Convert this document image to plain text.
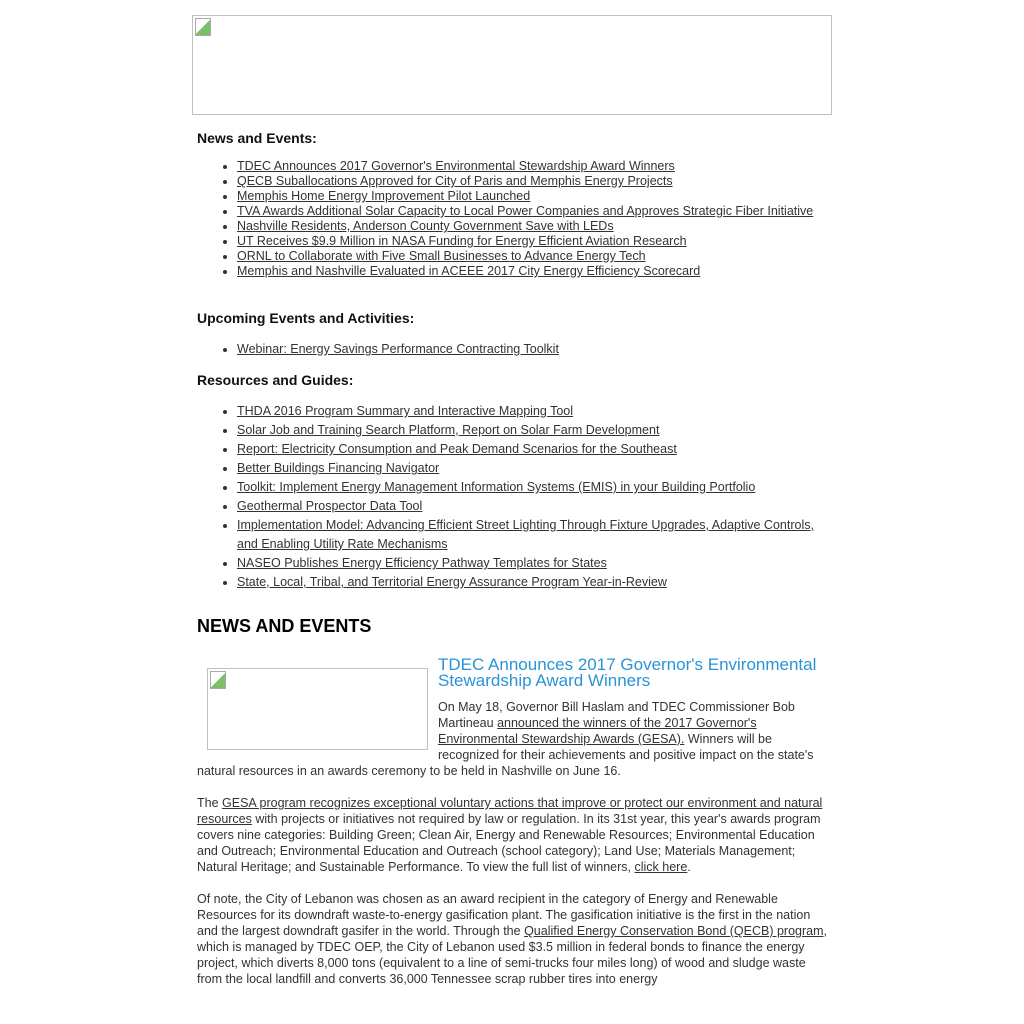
News and Events:
• TDEC Announces 2017 Governor's Environmental Stewardship Award Winners
• QECB Suballocations Approved for City of Paris and Memphis Energy Projects
• Memphis Home Energy Improvement Pilot Launched
• TVA Awards Additional Solar Capacity to Local Power Companies and Approves Strategic Fiber Initiative
• Nashville Residents, Anderson County Government Save with LEDs
• UT Receives $9.9 Million in NASA Funding for Energy Efficient Aviation Research
• ORNL to Collaborate with Five Small Businesses to Advance Energy Tech
• Memphis and Nashville Evaluated in ACEEE 2017 City Energy Efficiency Scorecard
Upcoming Events and Activities:
• Webinar: Energy Savings Performance Contracting Toolkit
Resources and Guides:
• THDA 2016 Program Summary and Interactive Mapping Tool
• Solar Job and Training Search Platform, Report on Solar Farm Development
• Report: Electricity Consumption and Peak Demand Scenarios for the Southeast
• Better Buildings Financing Navigator
• Toolkit: Implement Energy Management Information Systems (EMIS) in your Building Portfolio
• Geothermal Prospector Data Tool
• Implementation Model: Advancing Efficient Street Lighting Through Fixture Upgrades, Adaptive Controls, and Enabling Utility Rate Mechanisms
• NASEO Publishes Energy Efficiency Pathway Templates for States
• State, Local, Tribal, and Territorial Energy Assurance Program Year-in-Review
NEWS AND EVENTS
TDEC Announces 2017 Governor's Environmental Stewardship Award Winners

On May 18, Governor Bill Haslam and TDEC Commissioner Bob Martineau announced the winners of the 2017 Governor's Environmental Stewardship Awards (GESA). Winners will be recognized for their achievements and positive impact on the state's natural resources in an awards ceremony to be held in Nashville on June 16.

The GESA program recognizes exceptional voluntary actions that improve or protect our environment and natural resources with projects or initiatives not required by law or regulation. In its 31st year, this year's awards program covers nine categories: Building Green; Clean Air, Energy and Renewable Resources; Environmental Education and Outreach; Environmental Education and Outreach (school category); Land Use; Materials Management; Natural Heritage; and Sustainable Performance. To view the full list of winners, click here.

Of note, the City of Lebanon was chosen as an award recipient in the category of Energy and Renewable Resources for its downdraft waste-to-energy gasification plant. The gasification initiative is the first in the nation and the largest downdraft gasifer in the world. Through the Qualified Energy Conservation Bond (QECB) program, which is managed by TDEC OEP, the City of Lebanon used $3.5 million in federal bonds to finance the energy project, which diverts 8,000 tons (equivalent to a line of semi-trucks four miles long) of wood and sludge waste from the local landfill and converts 36,000 Tennessee scrap rubber tires into energy
